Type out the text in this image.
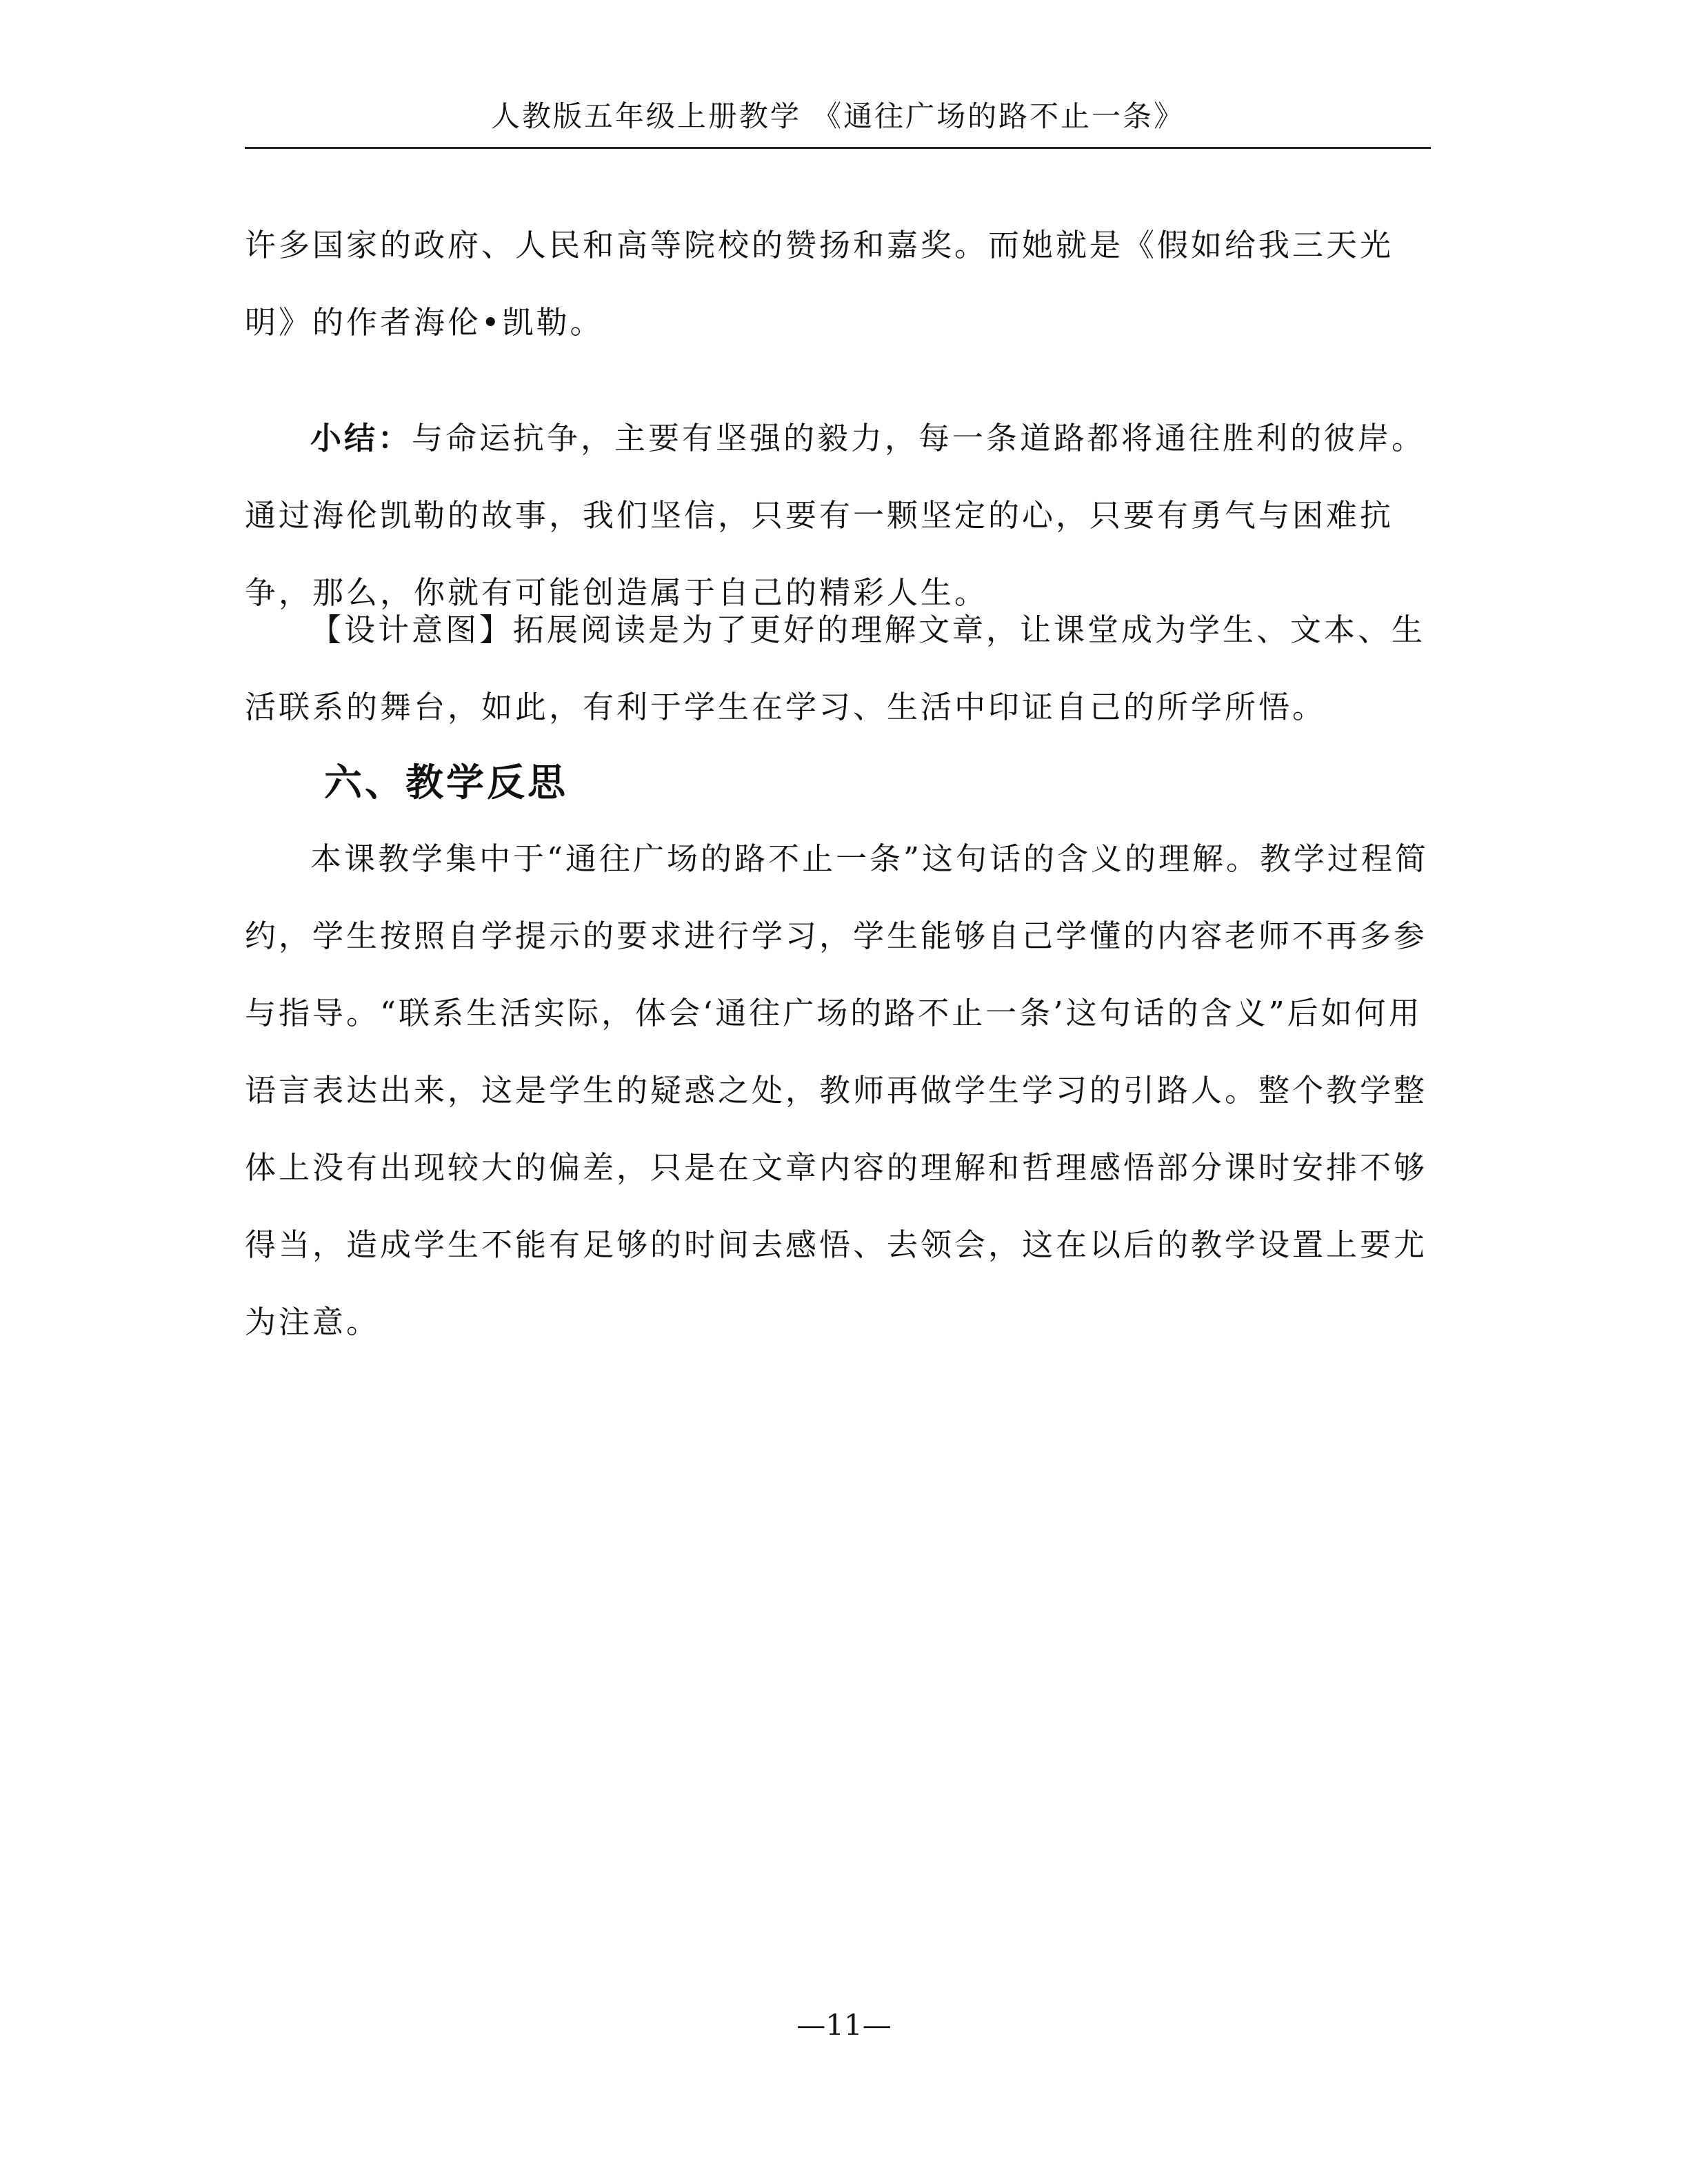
人教版五年级上册教学 《通往广场的路不止一条》

许多国家的政府、人民和高等院校的赞扬和嘉奖。而她就是《假如给我三天光明》的作者海伦•凯勒。

小结：与命运抗争，主要有坚强的毅力，每一条道路都将通往胜利的彼岸。通过海伦凯勒的故事，我们坚信，只要有一颗坚定的心，只要有勇气与困难抗争，那么，你就有可能创造属于自己的精彩人生。

【设计意图】拓展阅读是为了更好的理解文章，让课堂成为学生、文本、生活联系的舞台，如此，有利于学生在学习、生活中印证自己的所学所悟。

六、教学反思

本课教学集中于“通往广场的路不止一条”这句话的含义的理解。教学过程简约，学生按照自学提示的要求进行学习，学生能够自己学懂的内容老师不再多参与指导。“联系生活实际，体会‘通往广场的路不止一条’这句话的含义”后如何用语言表达出来，这是学生的疑惑之处，教师再做学生学习的引路人。整个教学整体上没有出现较大的偏差，只是在文章内容的理解和哲理感悟部分课时安排不够得当，造成学生不能有足够的时间去感悟、去领会，这在以后的教学设置上要尤为注意。

—11—
